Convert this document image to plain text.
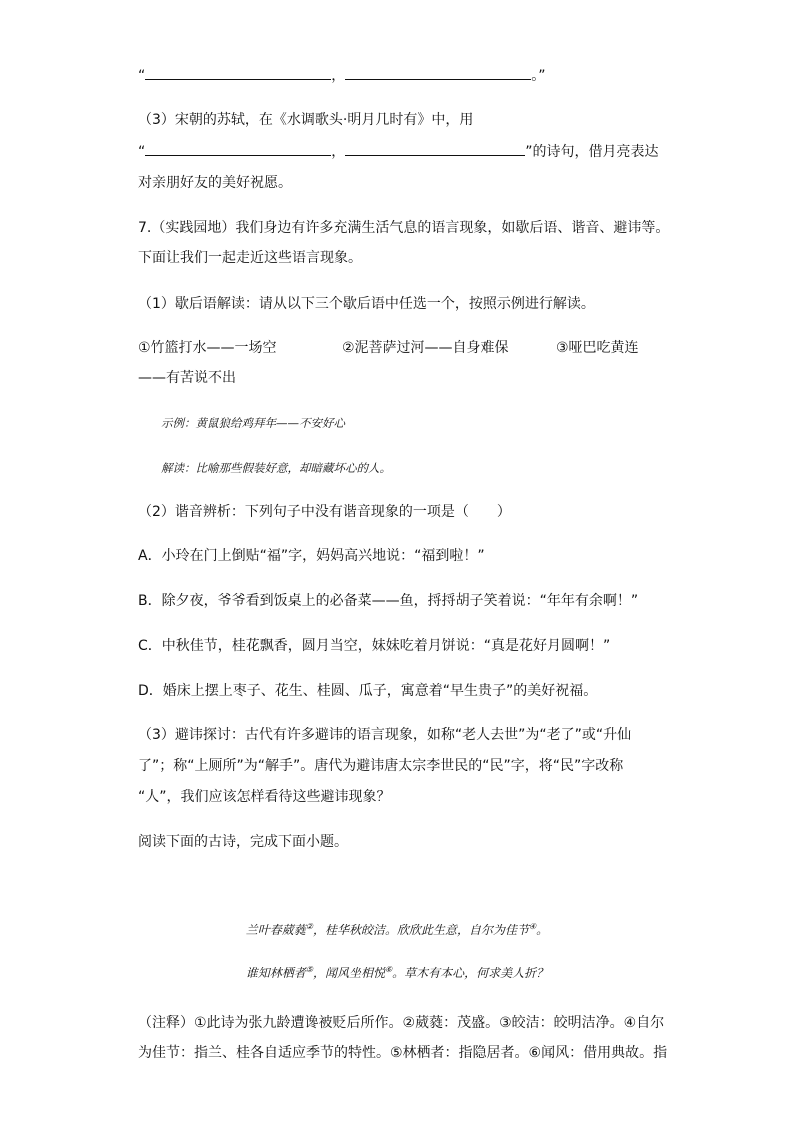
“	，	。”
（3）宋朝的苏轼，在《水调歌头·明月几时有》中，用
“	，	”的诗句，借月亮表达
对亲朋好友的美好祝愿。
7.（实践园地）我们身边有许多充满生活气息的语言现象，如歇后语、谐音、避讳等。
下面让我们一起走近这些语言现象。
（1）歇后语解读：请从以下三个歇后语中任选一个，按照示例进行解读。
①竹篮打水——一场空	②泥菩萨过河——自身难保	③哑巴吃黄连
——有苦说不出
示例：黄鼠狼给鸡拜年——不安好心
解读：比喻那些假装好意，却暗藏坏心的人。
（2）谐音辨析：下列句子中没有谐音现象的一项是（　　）
A．小玲在门上倒贴“福”字，妈妈高兴地说：“福到啦！”
B．除夕夜，爷爷看到饭桌上的必备菜——鱼，捋捋胡子笑着说：“年年有余啊！”
C．中秋佳节，桂花飘香，圆月当空，妹妹吃着月饼说：“真是花好月圆啊！”
D．婚床上摆上枣子、花生、桂圆、瓜子，寓意着“早生贵子”的美好祝福。
（3）避讳探讨：古代有许多避讳的语言现象，如称“老人去世”为“老了”或“升仙
了”；称“上厕所”为“解手”。唐代为避讳唐太宗李世民的“民”字，将“民”字改称
“人”，我们应该怎样看待这些避讳现象？
阅读下面的古诗，完成下面小题。
兰叶春葳蕤②，桂华秋皎洁。欣欣此生意，自尔为佳节④。
谁知林栖者⑤，闻风坐相悦⑥。草木有本心，何求美人折？
（注释）①此诗为张九龄遭谗被贬后所作。②葳蕤：茂盛。③皎洁：皎明洁净。④自尔
为佳节：指兰、桂各自适应季节的特性。⑤林栖者：指隐居者。⑥闻风：借用典故。指
